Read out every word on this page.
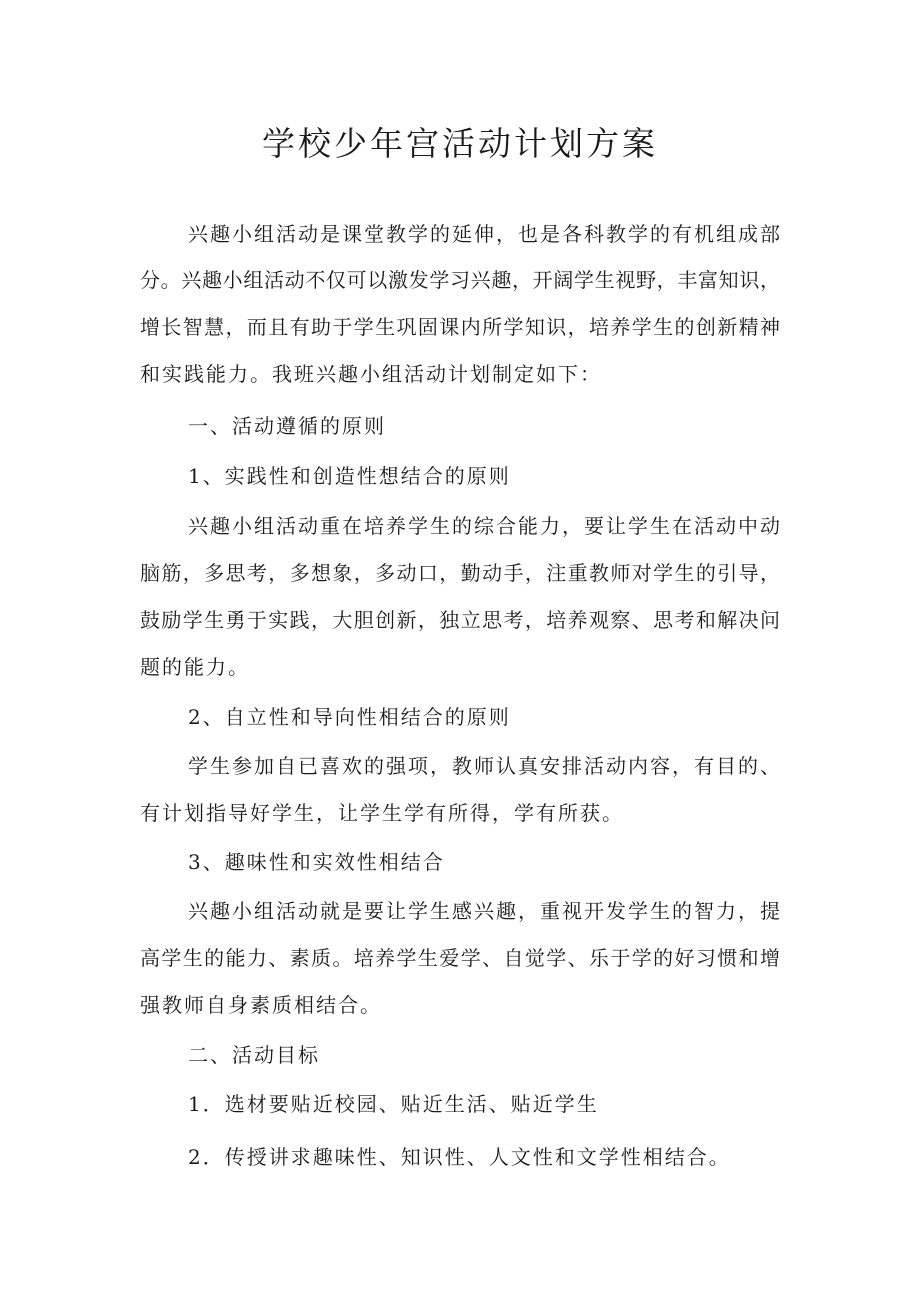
学校少年宫活动计划方案

兴趣小组活动是课堂教学的延伸，也是各科教学的有机组成部

分。兴趣小组活动不仅可以激发学习兴趣，开阔学生视野，丰富知识，

增长智慧，而且有助于学生巩固课内所学知识，培养学生的创新精神

和实践能力。我班兴趣小组活动计划制定如下：

一、活动遵循的原则

1、实践性和创造性想结合的原则

兴趣小组活动重在培养学生的综合能力，要让学生在活动中动

脑筋，多思考，多想象，多动口，勤动手，注重教师对学生的引导，

鼓励学生勇于实践，大胆创新，独立思考，培养观察、思考和解决问

题的能力。

2、自立性和导向性相结合的原则

学生参加自已喜欢的强项，教师认真安排活动内容，有目的、

有计划指导好学生，让学生学有所得，学有所获。

3、趣味性和实效性相结合

兴趣小组活动就是要让学生感兴趣，重视开发学生的智力，提

高学生的能力、素质。培养学生爱学、自觉学、乐于学的好习惯和增

强教师自身素质相结合。

二、活动目标

1．选材要贴近校园、贴近生活、贴近学生

2．传授讲求趣味性、知识性、人文性和文学性相结合。
